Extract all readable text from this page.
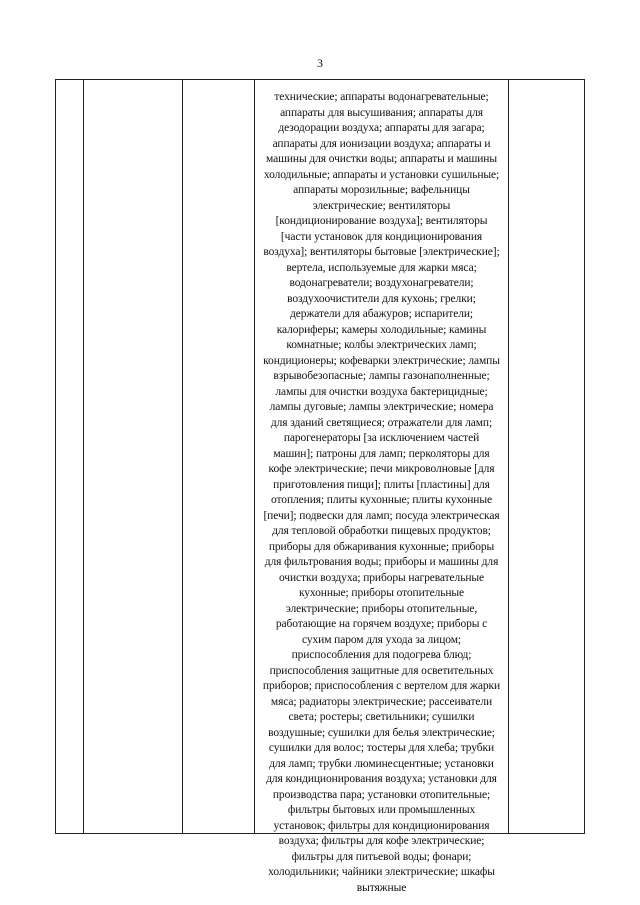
3
технические; аппараты водонагревательные;
аппараты для высушивания; аппараты для
дезодорации воздуха; аппараты для загара;
аппараты для ионизации воздуха; аппараты и
машины для очистки воды; аппараты и машины
холодильные; аппараты и установки сушильные;
аппараты морозильные; вафельницы
электрические; вентиляторы
[кондиционирование воздуха]; вентиляторы
[части установок для кондиционирования
воздуха]; вентиляторы бытовые [электрические];
вертела, используемые для жарки мяса;
водонагреватели; воздухонагреватели;
воздухоочистители для кухонь; грелки;
держатели для абажуров; испарители;
калориферы; камеры холодильные; камины
комнатные; колбы электрических ламп;
кондиционеры; кофеварки электрические; лампы
взрывобезопасные; лампы газонаполненные;
лампы для очистки воздуха бактерицидные;
лампы дуговые; лампы электрические; номера
для зданий светящиеся; отражатели для ламп;
парогенераторы [за исключением частей
машин]; патроны для ламп; перколяторы для
кофе электрические; печи микроволновые [для
приготовления пищи]; плиты [пластины] для
отопления; плиты кухонные; плиты кухонные
[печи]; подвески для ламп; посуда электрическая
для тепловой обработки пищевых продуктов;
приборы для обжаривания кухонные; приборы
для фильтрования воды; приборы и машины для
очистки воздуха; приборы нагревательные
кухонные; приборы отопительные
электрические; приборы отопительные,
работающие на горячем воздухе; приборы с
сухим паром для ухода за лицом;
приспособления для подогрева блюд;
приспособления защитные для осветительных
приборов; приспособления с вертелом для жарки
мяса; радиаторы электрические; рассеиватели
света; ростеры; светильники; сушилки
воздушные; сушилки для белья электрические;
сушилки для волос; тостеры для хлеба; трубки
для ламп; трубки люминесцентные; установки
для кондиционирования воздуха; установки для
производства пара; установки отопительные;
фильтры бытовых или промышленных
установок; фильтры для кондиционирования
воздуха; фильтры для кофе электрические;
фильтры для питьевой воды; фонари;
холодильники; чайники электрические; шкафы
вытяжные
